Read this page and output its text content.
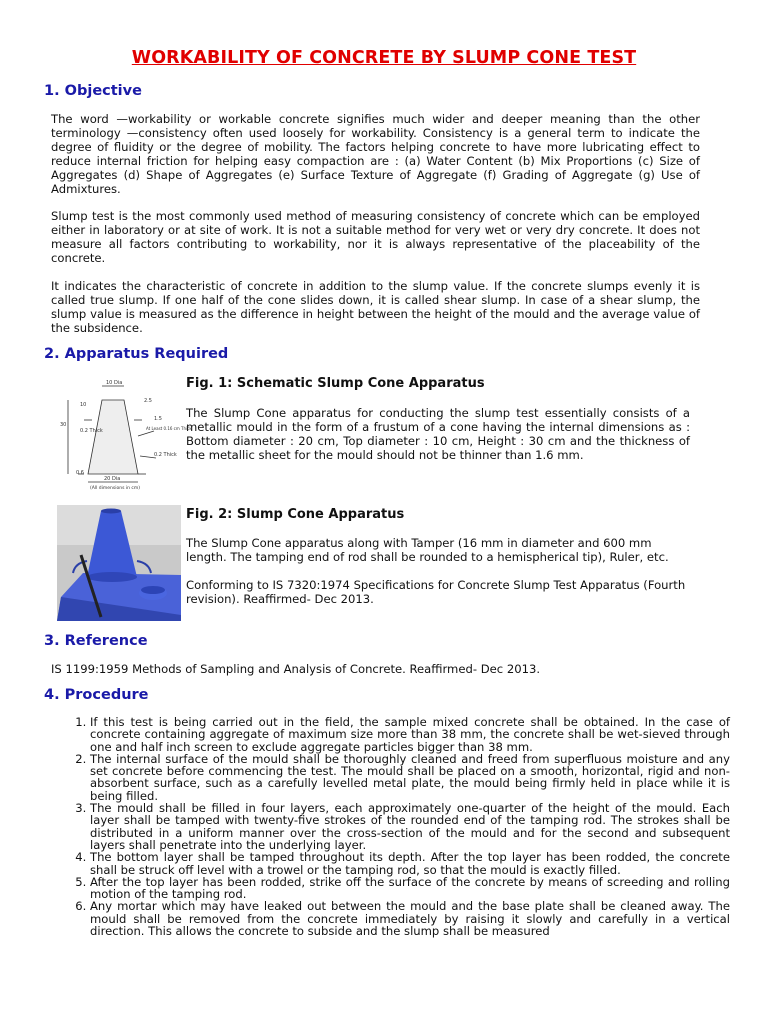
WORKABILITY OF CONCRETE BY SLUMP CONE TEST
1. Objective

The word —workability or workable concrete signifies much wider and deeper meaning than the other terminology —consistency often used loosely for workability. Consistency is a general term to indicate the degree of fluidity or the degree of mobility. The factors helping concrete to have more lubricating effect to reduce internal friction for helping easy compaction are : (a) Water Content (b) Mix Proportions (c) Size of Aggregates (d) Shape of Aggregates (e) Surface Texture of Aggregate (f) Grading of Aggregate (g) Use of Admixtures.

Slump test is the most commonly used method of measuring consistency of concrete which can be employed either in laboratory or at site of work. It is not a suitable method for very wet or very dry concrete. It does not measure all factors contributing to workability, nor it is always representative of the placeability of the concrete.

It indicates the characteristic of concrete in addition to the slump value. If the concrete slumps evenly it is called true slump. If one half of the cone slides down, it is called shear slump. In case of a shear slump, the slump value is measured as the difference in height between the height of the mould and the average value of the subsidence.

2. Apparatus Required
10 Dia
2.5
10
1.5
0.2 Thick
30
At Least 0.16 cm Thick
0.2 Thick
0.6
20 Dia
(All dimensions in cm)
Fig. 1: Schematic Slump Cone Apparatus

The Slump Cone apparatus for conducting the slump test essentially consists of a metallic mould in the form of a frustum of a cone having the internal dimensions as : Bottom diameter : 20 cm, Top diameter : 10 cm, Height : 30 cm and the thickness of the metallic sheet for the mould should not be thinner than 1.6 mm.

Fig. 2: Slump Cone Apparatus

The Slump Cone apparatus along with Tamper (16 mm in diameter and 600 mm length. The tamping end of rod shall be rounded to a hemispherical tip), Ruler, etc.

Conforming to IS 7320:1974 Specifications for Concrete Slump Test Apparatus (Fourth revision). Reaffirmed- Dec 2013.

3. Reference

IS 1199:1959 Methods of Sampling and Analysis of Concrete. Reaffirmed- Dec 2013.

4. Procedure
1. If this test is being carried out in the field, the sample mixed concrete shall be obtained. In the case of concrete containing aggregate of maximum size more than 38 mm, the concrete shall be wet-sieved through one and half inch screen to exclude aggregate particles bigger than 38 mm.
2. The internal surface of the mould shall be thoroughly cleaned and freed from superfluous moisture and any set concrete before commencing the test. The mould shall be placed on a smooth, horizontal, rigid and non-absorbent surface, such as a carefully levelled metal plate, the mould being firmly held in place while it is being filled.
3. The mould shall be filled in four layers, each approximately one-quarter of the height of the mould. Each layer shall be tamped with twenty-five strokes of the rounded end of the tamping rod. The strokes shall be distributed in a uniform manner over the cross-section of the mould and for the second and subsequent layers shall penetrate into the underlying layer.
4. The bottom layer shall be tamped throughout its depth. After the top layer has been rodded, the concrete shall be struck off level with a trowel or the tamping rod, so that the mould is exactly filled.
5. After the top layer has been rodded, strike off the surface of the concrete by means of screeding and rolling motion of the tamping rod.
6. Any mortar which may have leaked out between the mould and the base plate shall be cleaned away. The mould shall be removed from the concrete immediately by raising it slowly and carefully in a vertical direction. This allows the concrete to subside and the slump shall be measured
